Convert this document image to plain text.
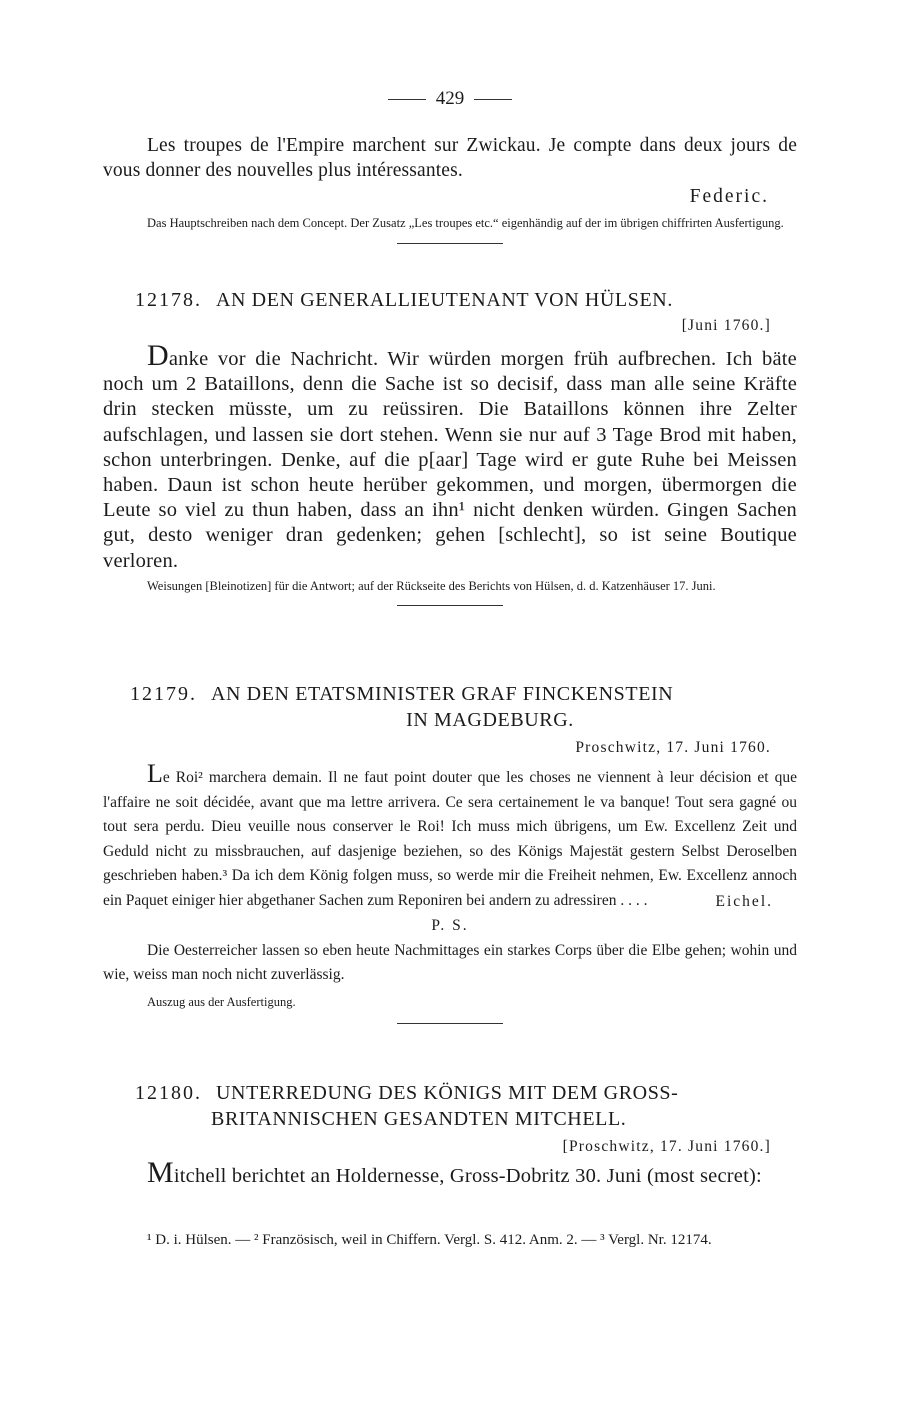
429

Les troupes de l'Empire marchent sur Zwickau. Je compte dans deux jours de vous donner des nouvelles plus intéressantes.

Federic.

Das Hauptschreiben nach dem Concept. Der Zusatz „Les troupes etc.“ eigenhändig auf der im übrigen chiffrirten Ausfertigung.

12178. AN DEN GENERALLIEUTENANT VON HÜLSEN.

[Juni 1760.]

Danke vor die Nachricht. Wir würden morgen früh aufbrechen. Ich bäte noch um 2 Bataillons, denn die Sache ist so decisif, dass man alle seine Kräfte drin stecken müsste, um zu reüssiren. Die Bataillons können ihre Zelter aufschlagen, und lassen sie dort stehen. Wenn sie nur auf 3 Tage Brod mit haben, schon unterbringen. Denke, auf die p[aar] Tage wird er gute Ruhe bei Meissen haben. Daun ist schon heute herüber gekommen, und morgen, übermorgen die Leute so viel zu thun haben, dass an ihn¹ nicht denken würden. Gingen Sachen gut, desto weniger dran gedenken; gehen [schlecht], so ist seine Boutique verloren.

Weisungen [Bleinotizen] für die Antwort; auf der Rückseite des Berichts von Hülsen, d. d. Katzenhäuser 17. Juni.

12179. AN DEN ETATSMINISTER GRAF FINCKENSTEIN
IN MAGDEBURG.

Proschwitz, 17. Juni 1760.

Le Roi² marchera demain. Il ne faut point douter que les choses ne viennent à leur décision et que l'affaire ne soit décidée, avant que ma lettre arrivera. Ce sera certainement le va banque! Tout sera gagné ou tout sera perdu. Dieu veuille nous conserver le Roi! Ich muss mich übrigens, um Ew. Excellenz Zeit und Geduld nicht zu missbrauchen, auf dasjenige beziehen, so des Königs Majestät gestern Selbst Deroselben geschrieben haben.³ Da ich dem König folgen muss, so werde mir die Freiheit nehmen, Ew. Excellenz annoch ein Paquet einiger hier abgethaner Sachen zum Reponiren bei andern zu adressiren . . . .	Eichel.

P. S.

Die Oesterreicher lassen so eben heute Nachmittages ein starkes Corps über die Elbe gehen; wohin und wie, weiss man noch nicht zuverlässig.

Auszug aus der Ausfertigung.

12180. UNTERREDUNG DES KÖNIGS MIT DEM GROSS-
BRITANNISCHEN GESANDTEN MITCHELL.

[Proschwitz, 17. Juni 1760.]

Mitchell berichtet an Holdernesse, Gross-Dobritz 30. Juni (most secret):

¹ D. i. Hülsen. — ² Französisch, weil in Chiffern. Vergl. S. 412. Anm. 2. — ³ Vergl. Nr. 12174.
